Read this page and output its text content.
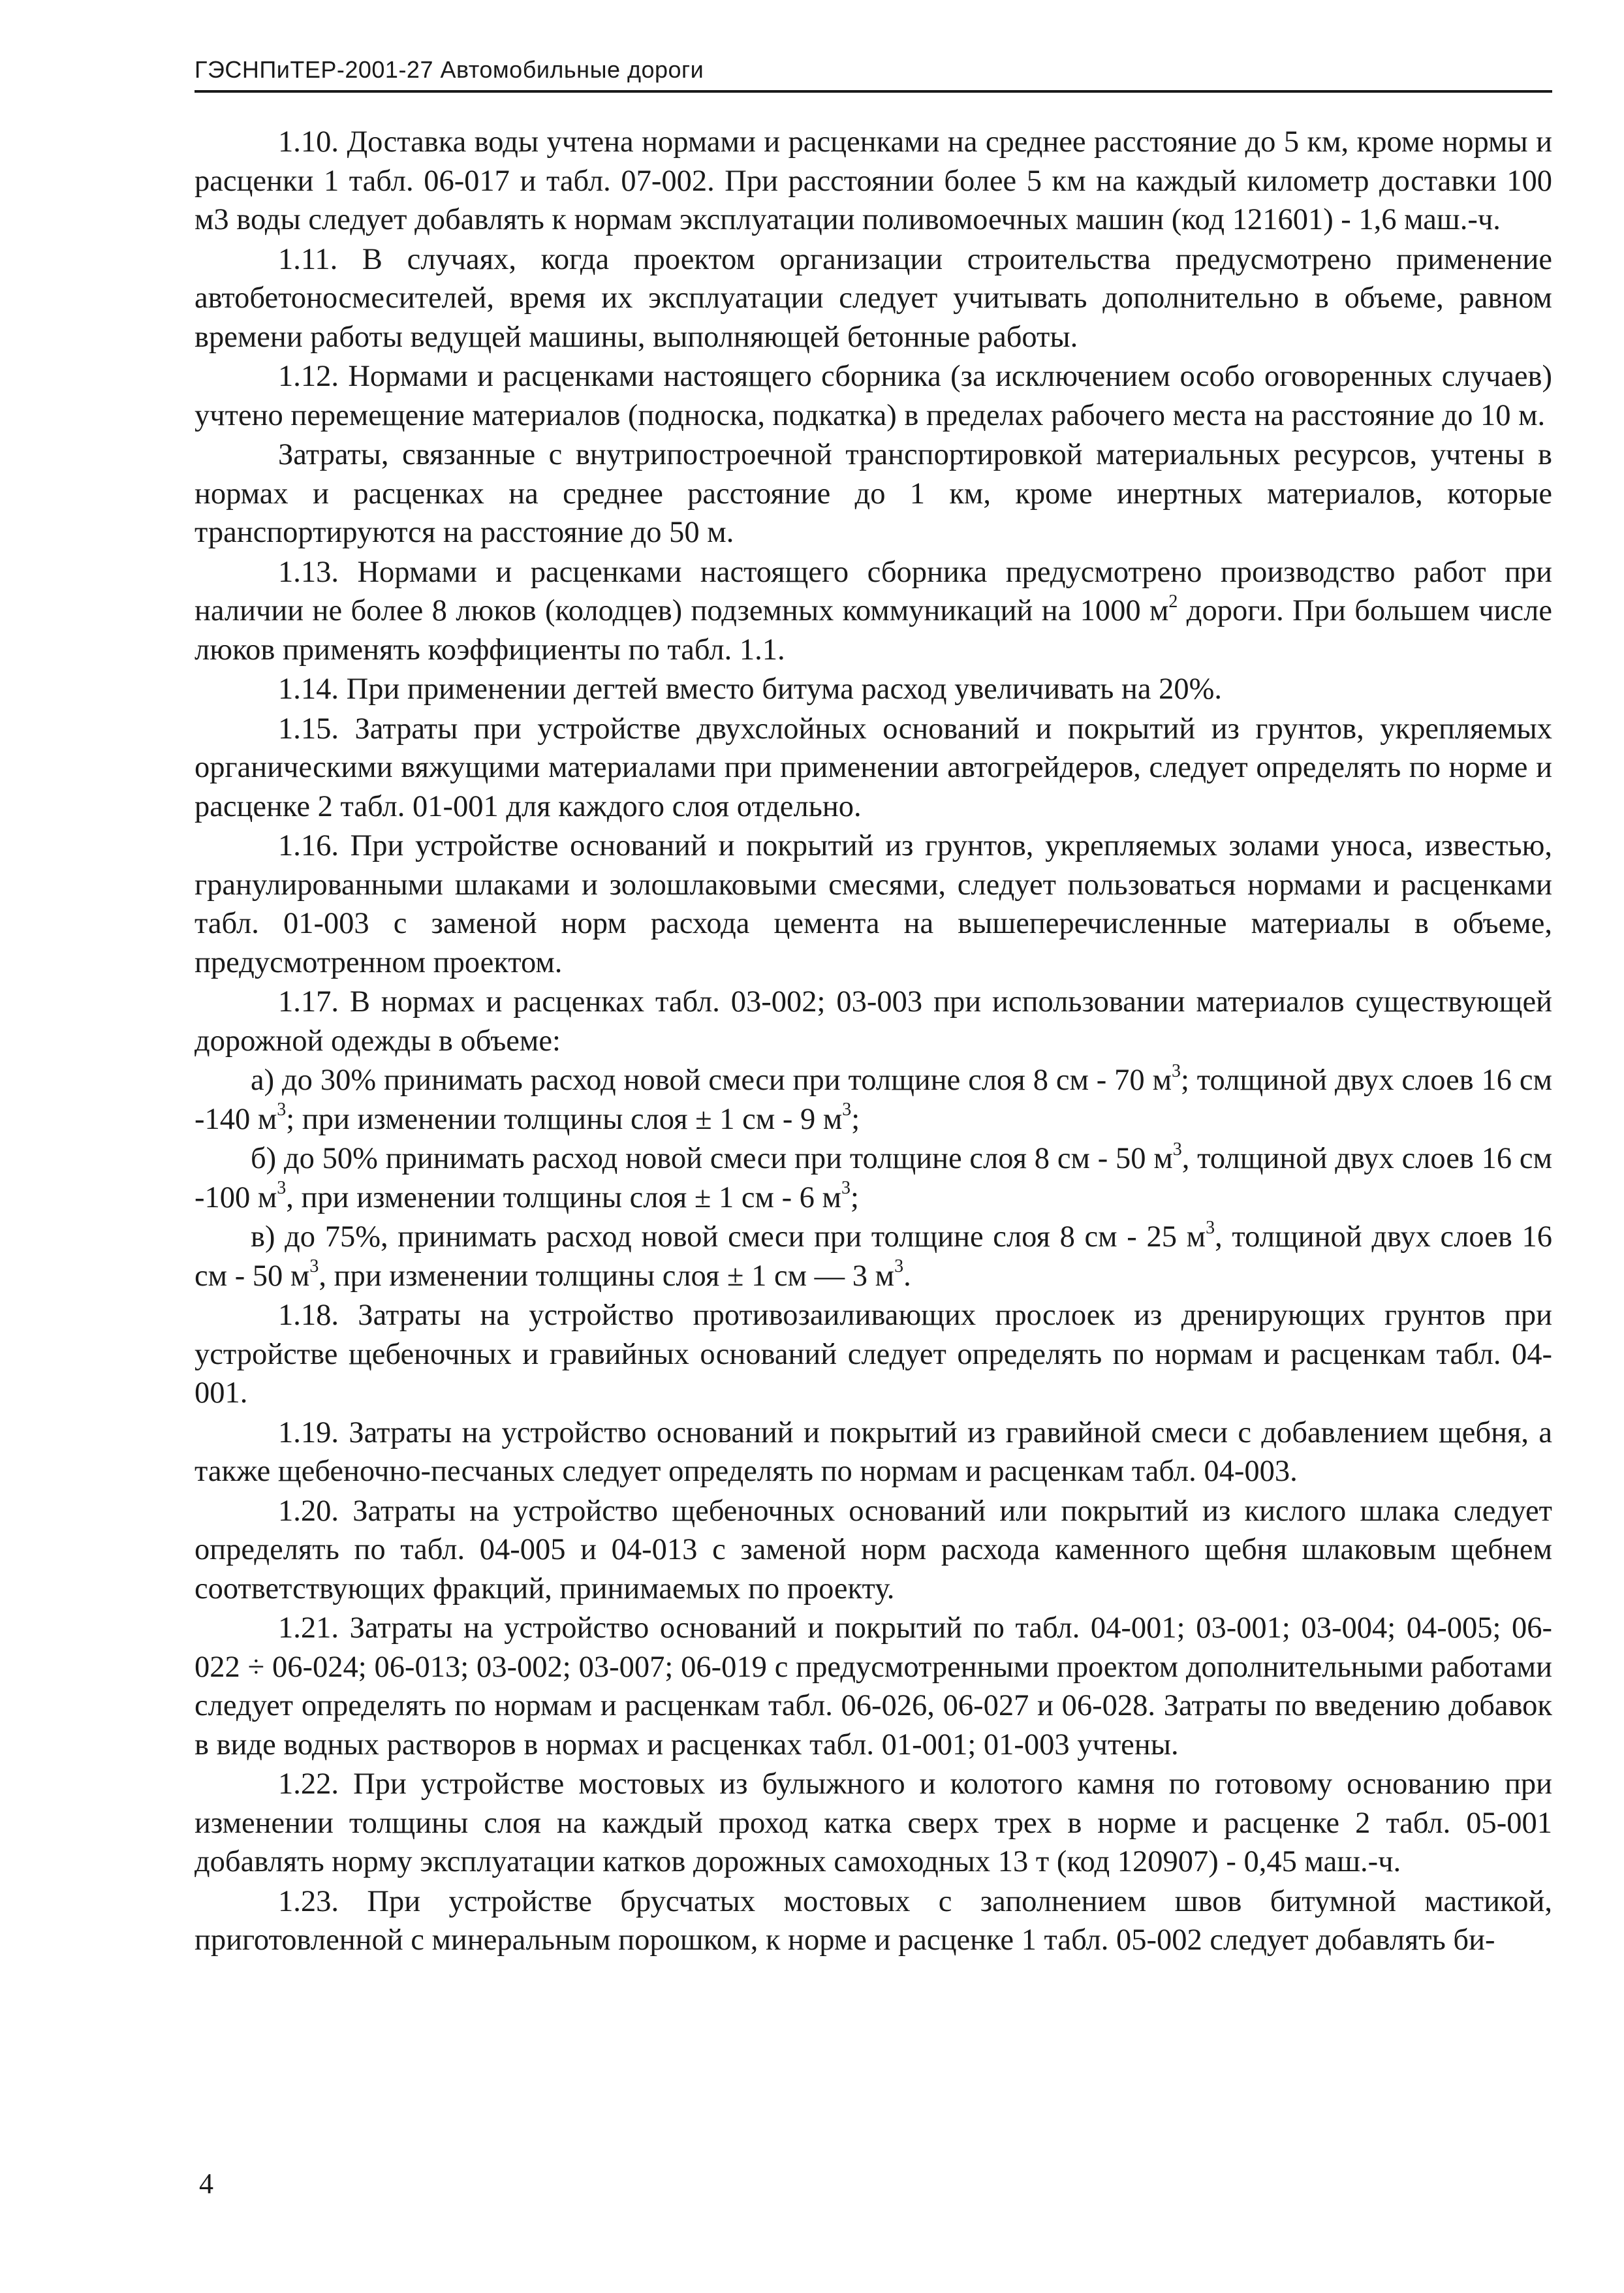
ГЭСНПиТЕР-2001-27 Автомобильные дороги

1.10. Доставка воды учтена нормами и расценками на среднее расстояние до 5 км, кроме нормы и расценки 1 табл. 06-017 и табл. 07-002. При расстоянии более 5 км на каждый километр доставки 100 м3 воды следует добавлять к нормам эксплуатации поливомоечных машин (код 121601) - 1,6 маш.-ч.

1.11. В случаях, когда проектом организации строительства предусмотрено применение автобетоносмесителей, время их эксплуатации следует учитывать дополнительно в объеме, равном времени работы ведущей машины, выполняющей бетонные работы.

1.12. Нормами и расценками настоящего сборника (за исключением особо оговоренных случаев) учтено перемещение материалов (подноска, подкатка) в пределах рабочего места на расстояние до 10 м.

Затраты, связанные с внутрипостроечной транспортировкой материальных ресурсов, учтены в нормах и расценках на среднее расстояние до 1 км, кроме инертных материалов, которые транспортируются на расстояние до 50 м.

1.13. Нормами и расценками настоящего сборника предусмотрено производство работ при наличии не более 8 люков (колодцев) подземных коммуникаций на 1000 $м^2$ дороги. При большем числе люков применять коэффициенты по табл. 1.1.

1.14. При применении дегтей вместо битума расход увеличивать на 20%.

1.15. Затраты при устройстве двухслойных оснований и покрытий из грунтов, укрепляемых органическими вяжущими материалами при применении автогрейдеров, следует определять по норме и расценке 2 табл. 01-001 для каждого слоя отдельно.

1.16. При устройстве оснований и покрытий из грунтов, укрепляемых золами уноса, известью, гранулированными шлаками и золошлаковыми смесями, следует пользоваться нормами и расценками табл. 01-003 с заменой норм расхода цемента на вышеперечисленные материалы в объеме, предусмотренном проектом.

1.17. В нормах и расценках табл. 03-002; 03-003 при использовании материалов существующей дорожной одежды в объеме:

а) до 30% принимать расход новой смеси при толщине слоя 8 см - 70 $м^3$; толщиной двух слоев 16 см -140 $м^3$; при изменении толщины слоя ± 1 см - 9 $м^3$;

б) до 50% принимать расход новой смеси при толщине слоя 8 см - 50 $м^3$, толщиной двух слоев 16 см -100 $м^3$, при изменении толщины слоя ± 1 см - 6 $м^3$;

в) до 75%, принимать расход новой смеси при толщине слоя 8 см - 25 $м^3$, толщиной двух слоев 16 см - 50 $м^3$, при изменении толщины слоя ± 1 см — 3 $м^3$.

1.18. Затраты на устройство противозаиливающих прослоек из дренирующих грунтов при устройстве щебеночных и гравийных оснований следует определять по нормам и расценкам табл. 04-001.

1.19. Затраты на устройство оснований и покрытий из гравийной смеси с добавлением щебня, а также щебеночно-песчаных следует определять по нормам и расценкам табл. 04-003.

1.20. Затраты на устройство щебеночных оснований или покрытий из кислого шлака следует определять по табл. 04-005 и 04-013 с заменой норм расхода каменного щебня шлаковым щебнем соответствующих фракций, принимаемых по проекту.

1.21. Затраты на устройство оснований и покрытий по табл. 04-001; 03-001; 03-004; 04-005; 06-022 ÷ 06-024; 06-013; 03-002; 03-007; 06-019 с предусмотренными проектом дополнительными работами следует определять по нормам и расценкам табл. 06-026, 06-027 и 06-028. Затраты по введению добавок в виде водных растворов в нормах и расценках табл. 01-001; 01-003 учтены.

1.22. При устройстве мостовых из булыжного и колотого камня по готовому основанию при изменении толщины слоя на каждый проход катка сверх трех в норме и расценке 2 табл. 05-001 добавлять норму эксплуатации катков дорожных самоходных 13 т (код 120907) - 0,45 маш.-ч.

1.23. При устройстве брусчатых мостовых с заполнением швов битумной мастикой, приготовленной с минеральным порошком, к норме и расценке 1 табл. 05-002 следует добавлять би-

4
